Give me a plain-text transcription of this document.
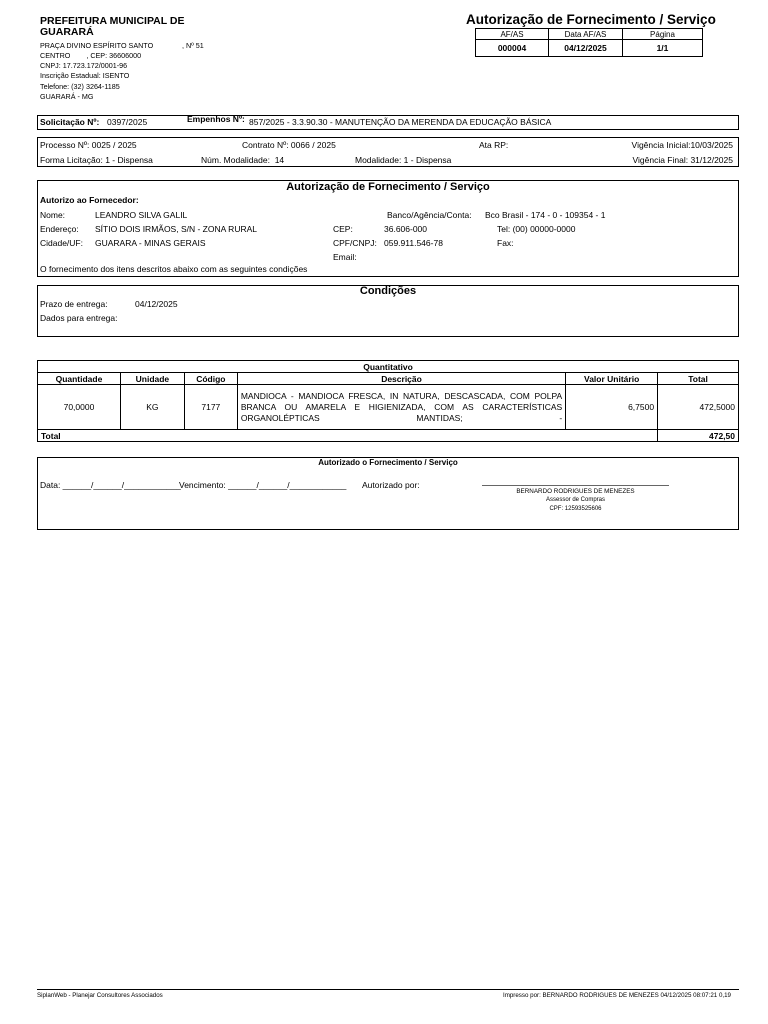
PREFEITURA MUNICIPAL DE GUARARÁ
PRAÇA DIVINO ESPÍRITO SANTO	, Nº 51
CENTRO        , CEP: 36606000
CNPJ: 17.723.172/0001-96
Inscrição Estadual: ISENTO
Telefone: (32) 3264-1185
GUARARÁ - MG
Autorização de Fornecimento / Serviço
AF/AS
000004
Data AF/AS
04/12/2025
Página
1/1
Solicitação Nº: 0397/2025	Empenhos Nº: 857/2025 - 3.3.90.30 - MANUTENÇÃO DA MERENDA DA EDUCAÇÃO BÁSICA
Processo Nº: 0025 / 2025	Contrato Nº: 0066 / 2025	Ata RP:	Vigência Inicial:10/03/2025
Forma Licitação: 1 - Dispensa	Núm. Modalidade:  14	Modalidade: 1 - Dispensa	Vigência Final: 31/12/2025
Autorização de Fornecimento / Serviço
Autorizo ao Fornecedor:
Nome:	LEANDRO SILVA GALIL	Banco/Agência/Conta: Bco Brasil - 174 - 0 - 109354 - 1
Endereço: SÍTIO DOIS IRMÃOS, S/N - ZONA RURAL	CEP:	36.606-000	Tel: (00) 00000-0000
Cidade/UF: GUARARA - MINAS GERAIS	CPF/CNPJ: 059.911.546-78	Fax:
Email:
O fornecimento dos itens descritos abaixo com as seguintes condições
Condições
Prazo de entrega:	04/12/2025
Dados para entrega:
Quantitativo					
Quantidade	Unidade	Código	Descrição	Valor Unitário	Total
70,0000	KG	7177	MANDIOCA - MANDIOCA FRESCA, IN NATURA, DESCASCADA, COM POLPA BRANCA OU AMARELA E HIGIENIZADA, COM AS CARACTERÍSTICAS ORGANOLÉPTICAS MANTIDAS; -	6,7500	472,5000
Total					472,50
Autorizado o Fornecimento / Serviço
Data: ______/______/____________
Vencimento: ______/______/____________ Autorizado por:
BERNARDO RODRIGUES DE MENEZES
Assessor de Compras
CPF: 12593525606
SiplanWeb - Planejar Consultores Associados	Impresso por: BERNARDO RODRIGUES DE MENEZES 04/12/2025 08:07:21 0,19
